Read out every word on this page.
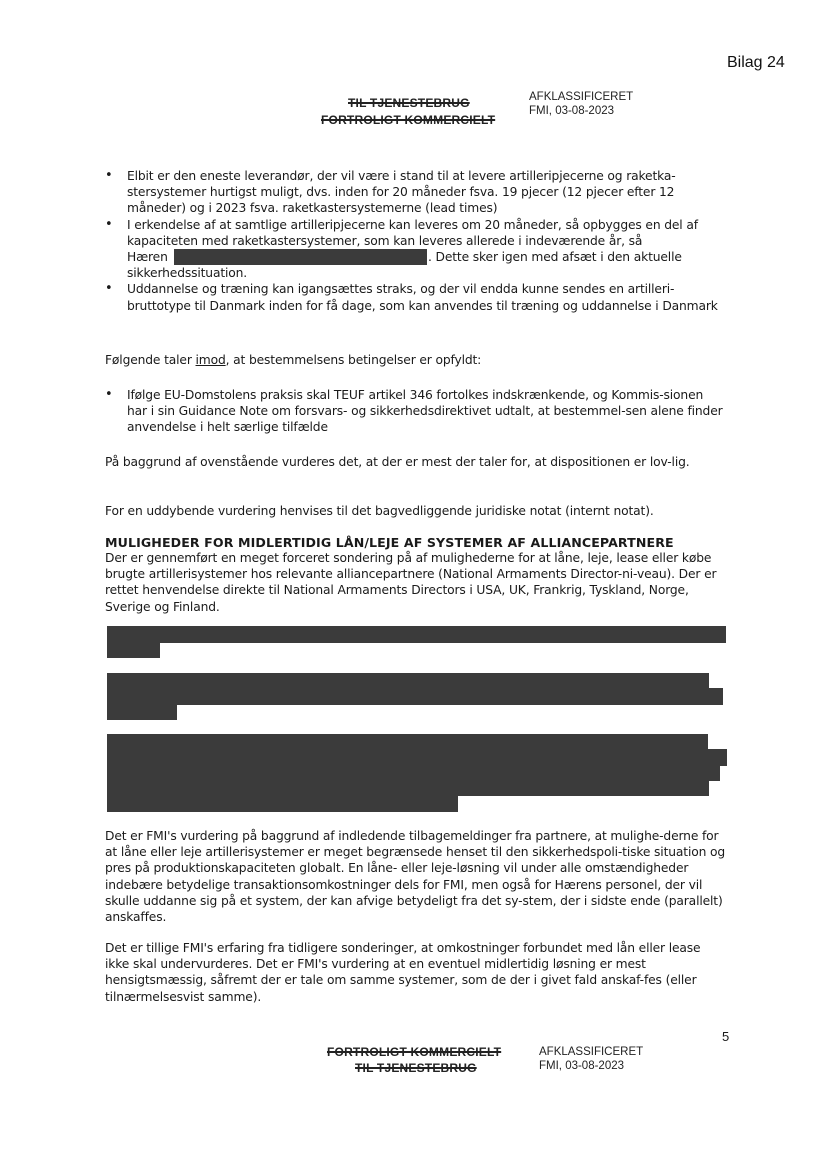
Bilag 24
TIL TJENESTEBRUG
FORTROLIGT KOMMERCIELT
AFKLASSIFICERET
FMI, 03-08-2023
• Elbit er den eneste leverandør, der vil være i stand til at levere artilleripjecerne og raketka-stersystemer hurtigst muligt, dvs. inden for 20 måneder fsva. 19 pjecer (12 pjecer efter 12 måneder) og i 2023 fsva. raketkastersystemerne (lead times)
• I erkendelse af at samtlige artilleripjecerne kan leveres om 20 måneder, så opbygges en del af kapaciteten med raketkastersystemer, som kan leveres allerede i indeværende år, så
Hæren	. Dette sker igen med afsæt i den aktuelle
sikkerhedssituation.
• Uddannelse og træning kan igangsættes straks, og der vil endda kunne sendes en artilleri-bruttotype til Danmark inden for få dage, som kan anvendes til træning og uddannelse i Danmark

Følgende taler imod, at bestemmelsens betingelser er opfyldt:

• Ifølge EU-Domstolens praksis skal TEUF artikel 346 fortolkes indskrænkende, og Kommis-sionen har i sin Guidance Note om forsvars- og sikkerhedsdirektivet udtalt, at bestemmel-sen alene finder anvendelse i helt særlige tilfælde

På baggrund af ovenstående vurderes det, at der er mest der taler for, at dispositionen er lov-lig.

For en uddybende vurdering henvises til det bagvedliggende juridiske notat (internt notat).

MULIGHEDER FOR MIDLERTIDIG LÅN/LEJE AF SYSTEMER AF ALLIANCEPARTNERE

Der er gennemført en meget forceret sondering på af mulighederne for at låne, leje, lease eller købe brugte artillerisystemer hos relevante alliancepartnere (National Armaments Director-ni-veau). Der er rettet henvendelse direkte til National Armaments Directors i USA, UK, Frankrig, Tyskland, Norge, Sverige og Finland.

Det er FMI's vurdering på baggrund af indledende tilbagemeldinger fra partnere, at mulighe-derne for at låne eller leje artillerisystemer er meget begrænsede henset til den sikkerhedspoli-tiske situation og pres på produktionskapaciteten globalt. En låne- eller leje-løsning vil under alle omstændigheder indebære betydelige transaktionsomkostninger dels for FMI, men også for Hærens personel, der vil skulle uddanne sig på et system, der kan afvige betydeligt fra det sy-stem, der i sidste ende (parallelt) anskaffes.

Det er tillige FMI's erfaring fra tidligere sonderinger, at omkostninger forbundet med lån eller lease ikke skal undervurderes. Det er FMI's vurdering at en eventuel midlertidig løsning er mest hensigtsmæssig, såfremt der er tale om samme systemer, som de der i givet fald anskaf-fes (eller tilnærmelsesvist samme).

5
FORTROLIGT KOMMERCIELT
TIL TJENESTEBRUG
AFKLASSIFICERET
FMI, 03-08-2023
